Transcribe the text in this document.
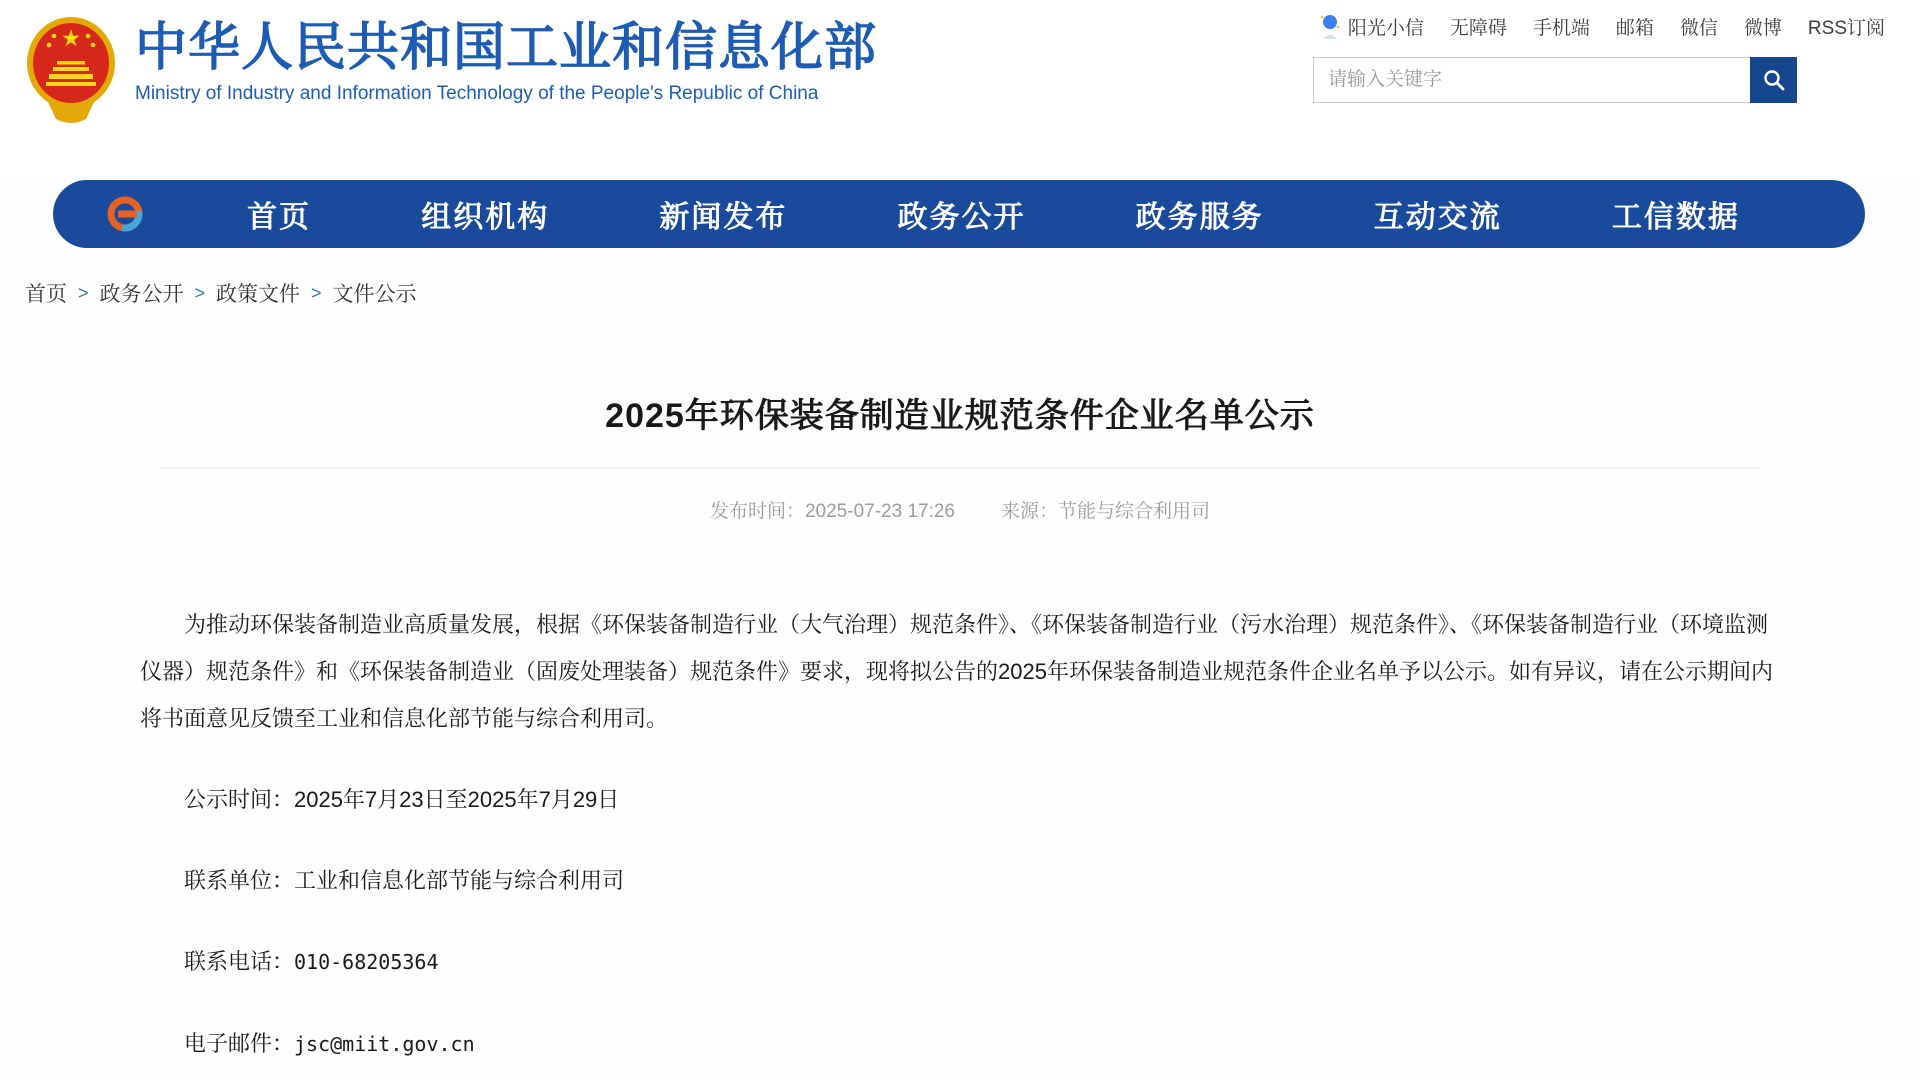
中华人民共和国工业和信息化部
Ministry of Industry and Information Technology of the People's Republic of China
阳光小信 无障碍 手机端 邮箱 微信 微博 RSS订阅
请输入关键字
首页	组织机构	新闻发布	政务公开	政务服务	互动交流	工信数据
首页 > 政务公开 > 政策文件 > 文件公示
2025年环保装备制造业规范条件企业名单公示
发布时间：2025-07-23 17:26 来源：节能与综合利用司

为推动环保装备制造业高质量发展，根据《环保装备制造行业（大气治理）规范条件》、《环保装备制造行业（污水治理）规范条件》、《环保装备制造行业（环境监测仪器）规范条件》和《环保装备制造业（固废处理装备）规范条件》要求，现将拟公告的2025年环保装备制造业规范条件企业名单予以公示。如有异议，请在公示期间内将书面意见反馈至工业和信息化部节能与综合利用司。

公示时间：2025年7月23日至2025年7月29日

联系单位：工业和信息化部节能与综合利用司

联系电话：010-68205364

电子邮件：jsc@miit.gov.cn
